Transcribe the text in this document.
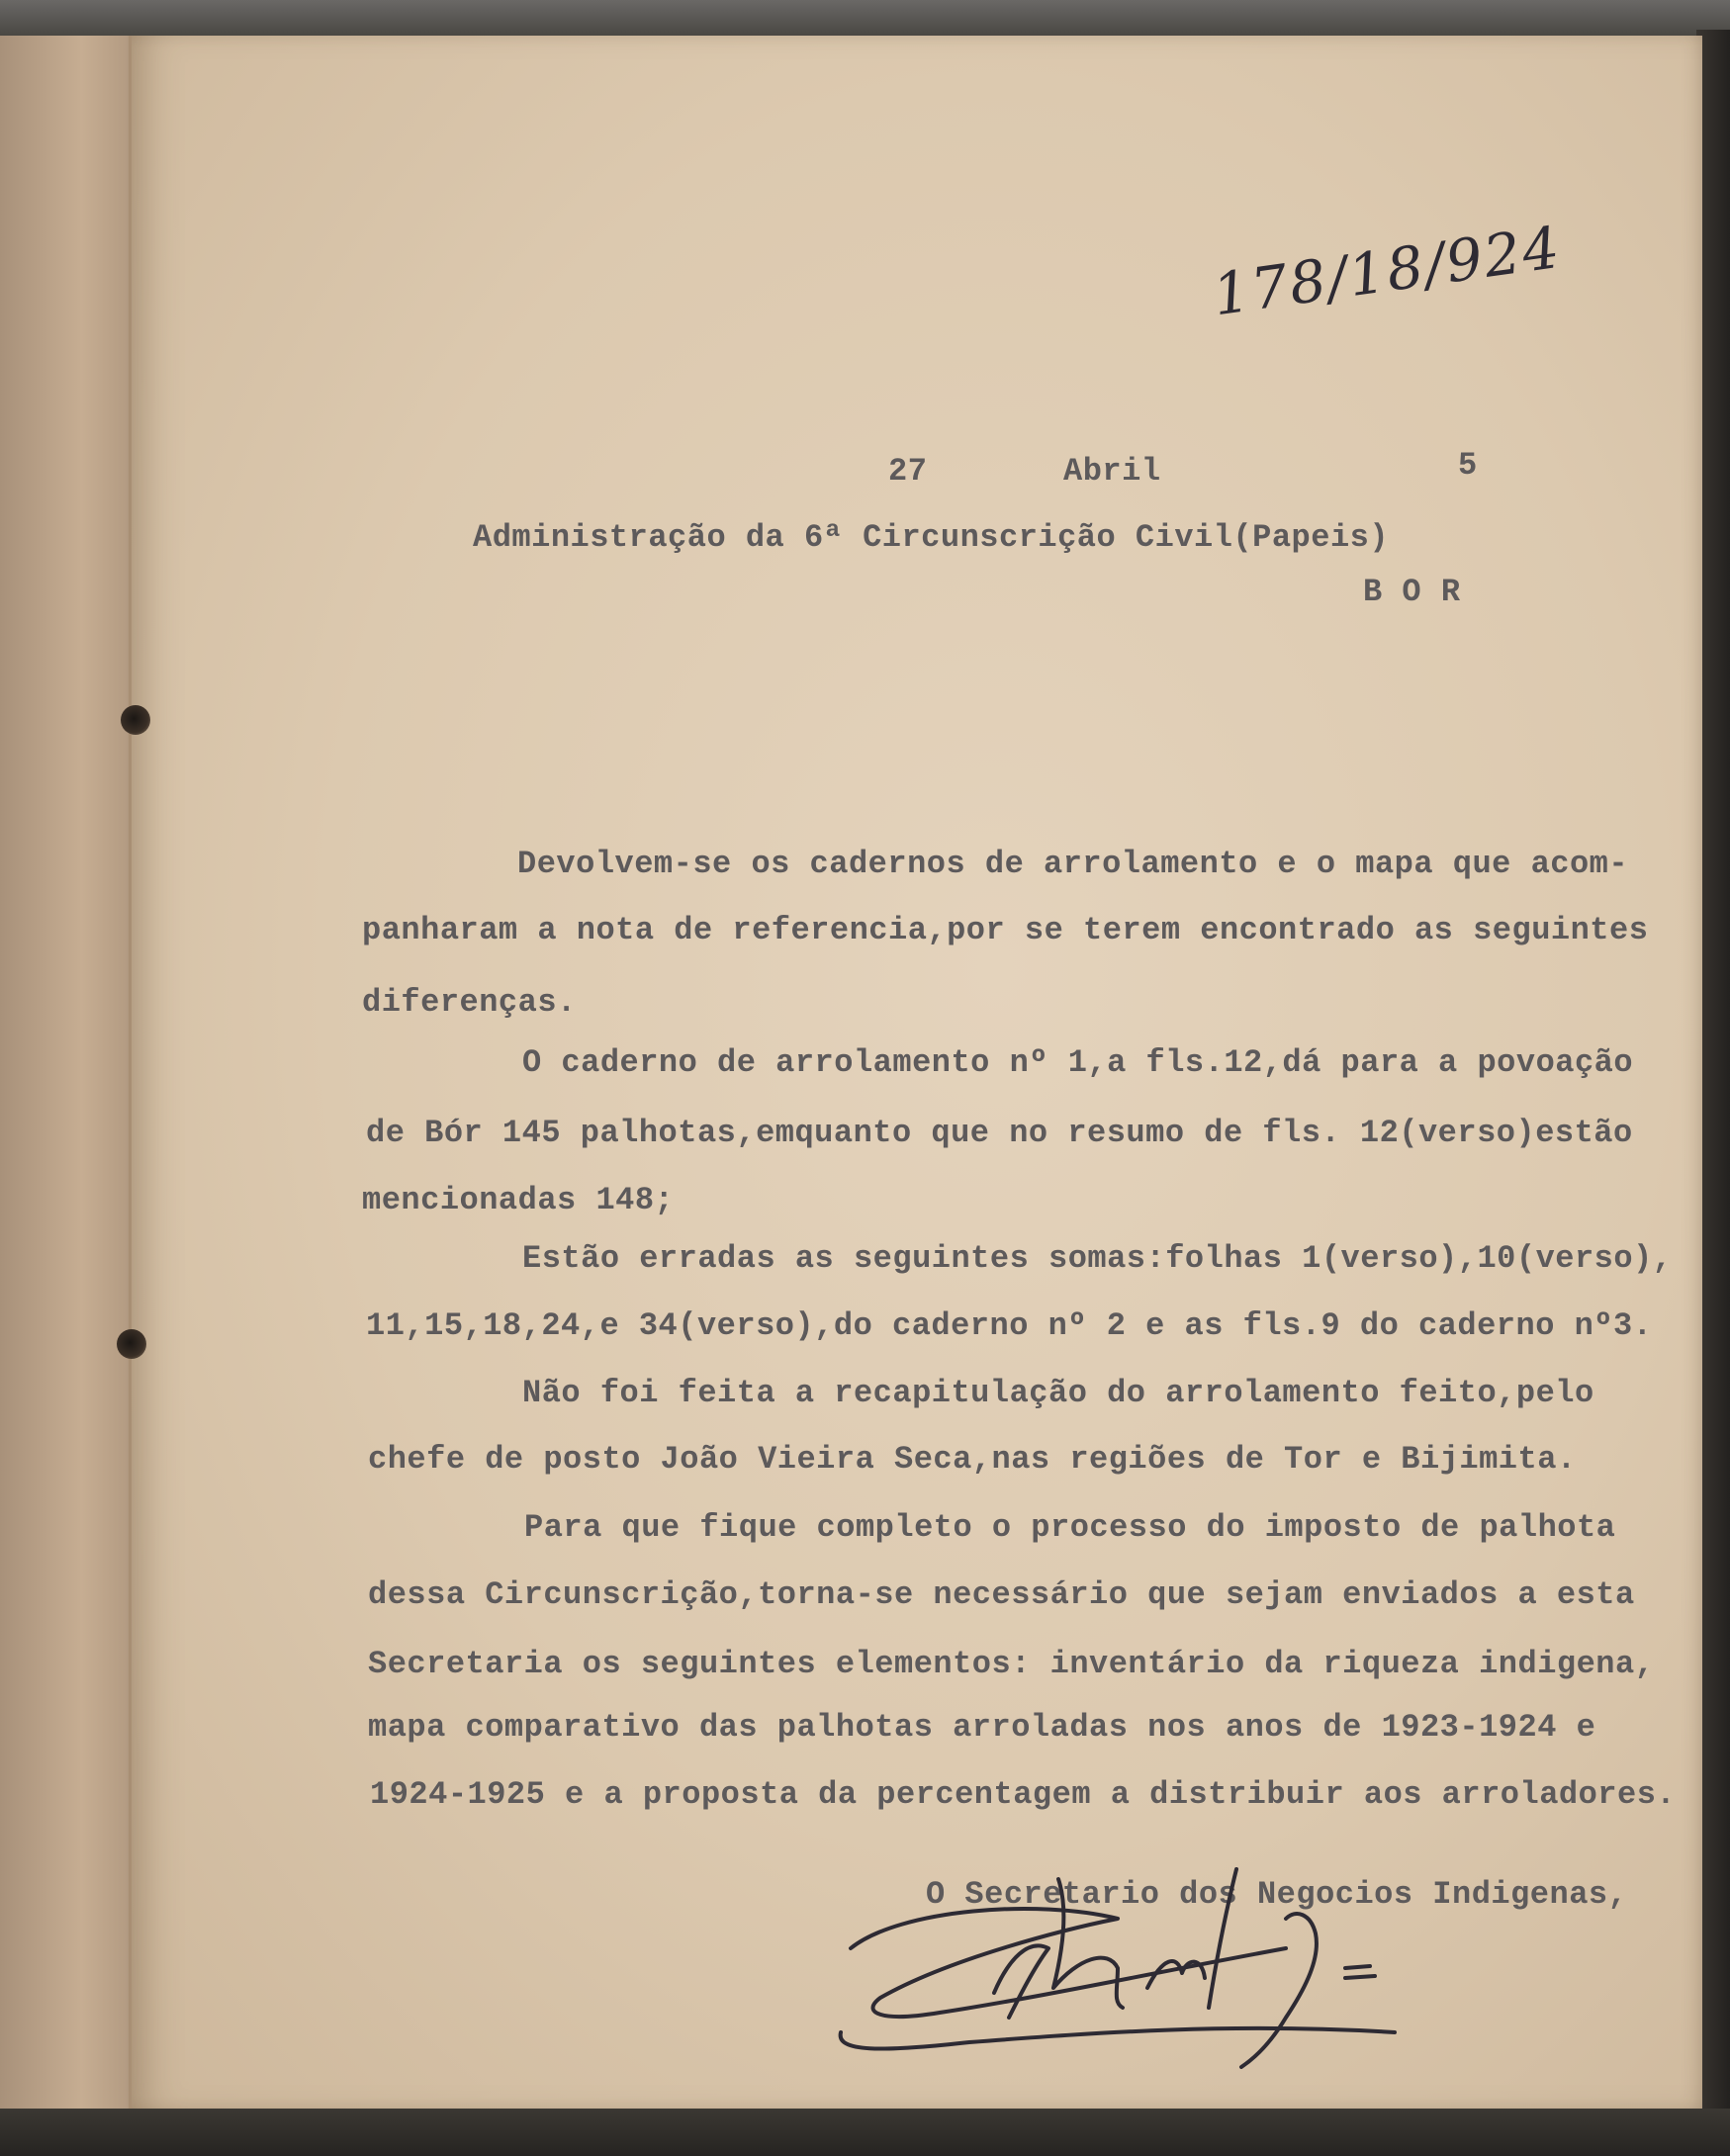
178/18/924
27	Abril	5
Administração da 6ª Circunscrição Civil(Papeis)
B O R
Devolvem-se os cadernos de arrolamento e o mapa que acom-
panharam a nota de referencia,por se terem encontrado as seguintes
diferenças.
O caderno de arrolamento nº 1,a fls.12,dá para a povoação
de Bór 145 palhotas,emquanto que no resumo de fls. 12(verso)estão
mencionadas 148;
Estão erradas as seguintes somas:folhas 1(verso),10(verso),
11,15,18,24,e 34(verso),do caderno nº 2 e as fls.9 do caderno nº3.
Não foi feita a recapitulação do arrolamento feito,pelo
chefe de posto João Vieira Seca,nas regiões de Tor e Bijimita.
Para que fique completo o processo do imposto de palhota
dessa Circunscrição,torna-se necessário que sejam enviados a esta
Secretaria os seguintes elementos: inventário da riqueza indigena,
mapa comparativo das palhotas arroladas nos anos de 1923-1924 e
1924-1925 e a proposta da percentagem a distribuir aos arroladores.
O Secretario dos Negocios Indigenas,
